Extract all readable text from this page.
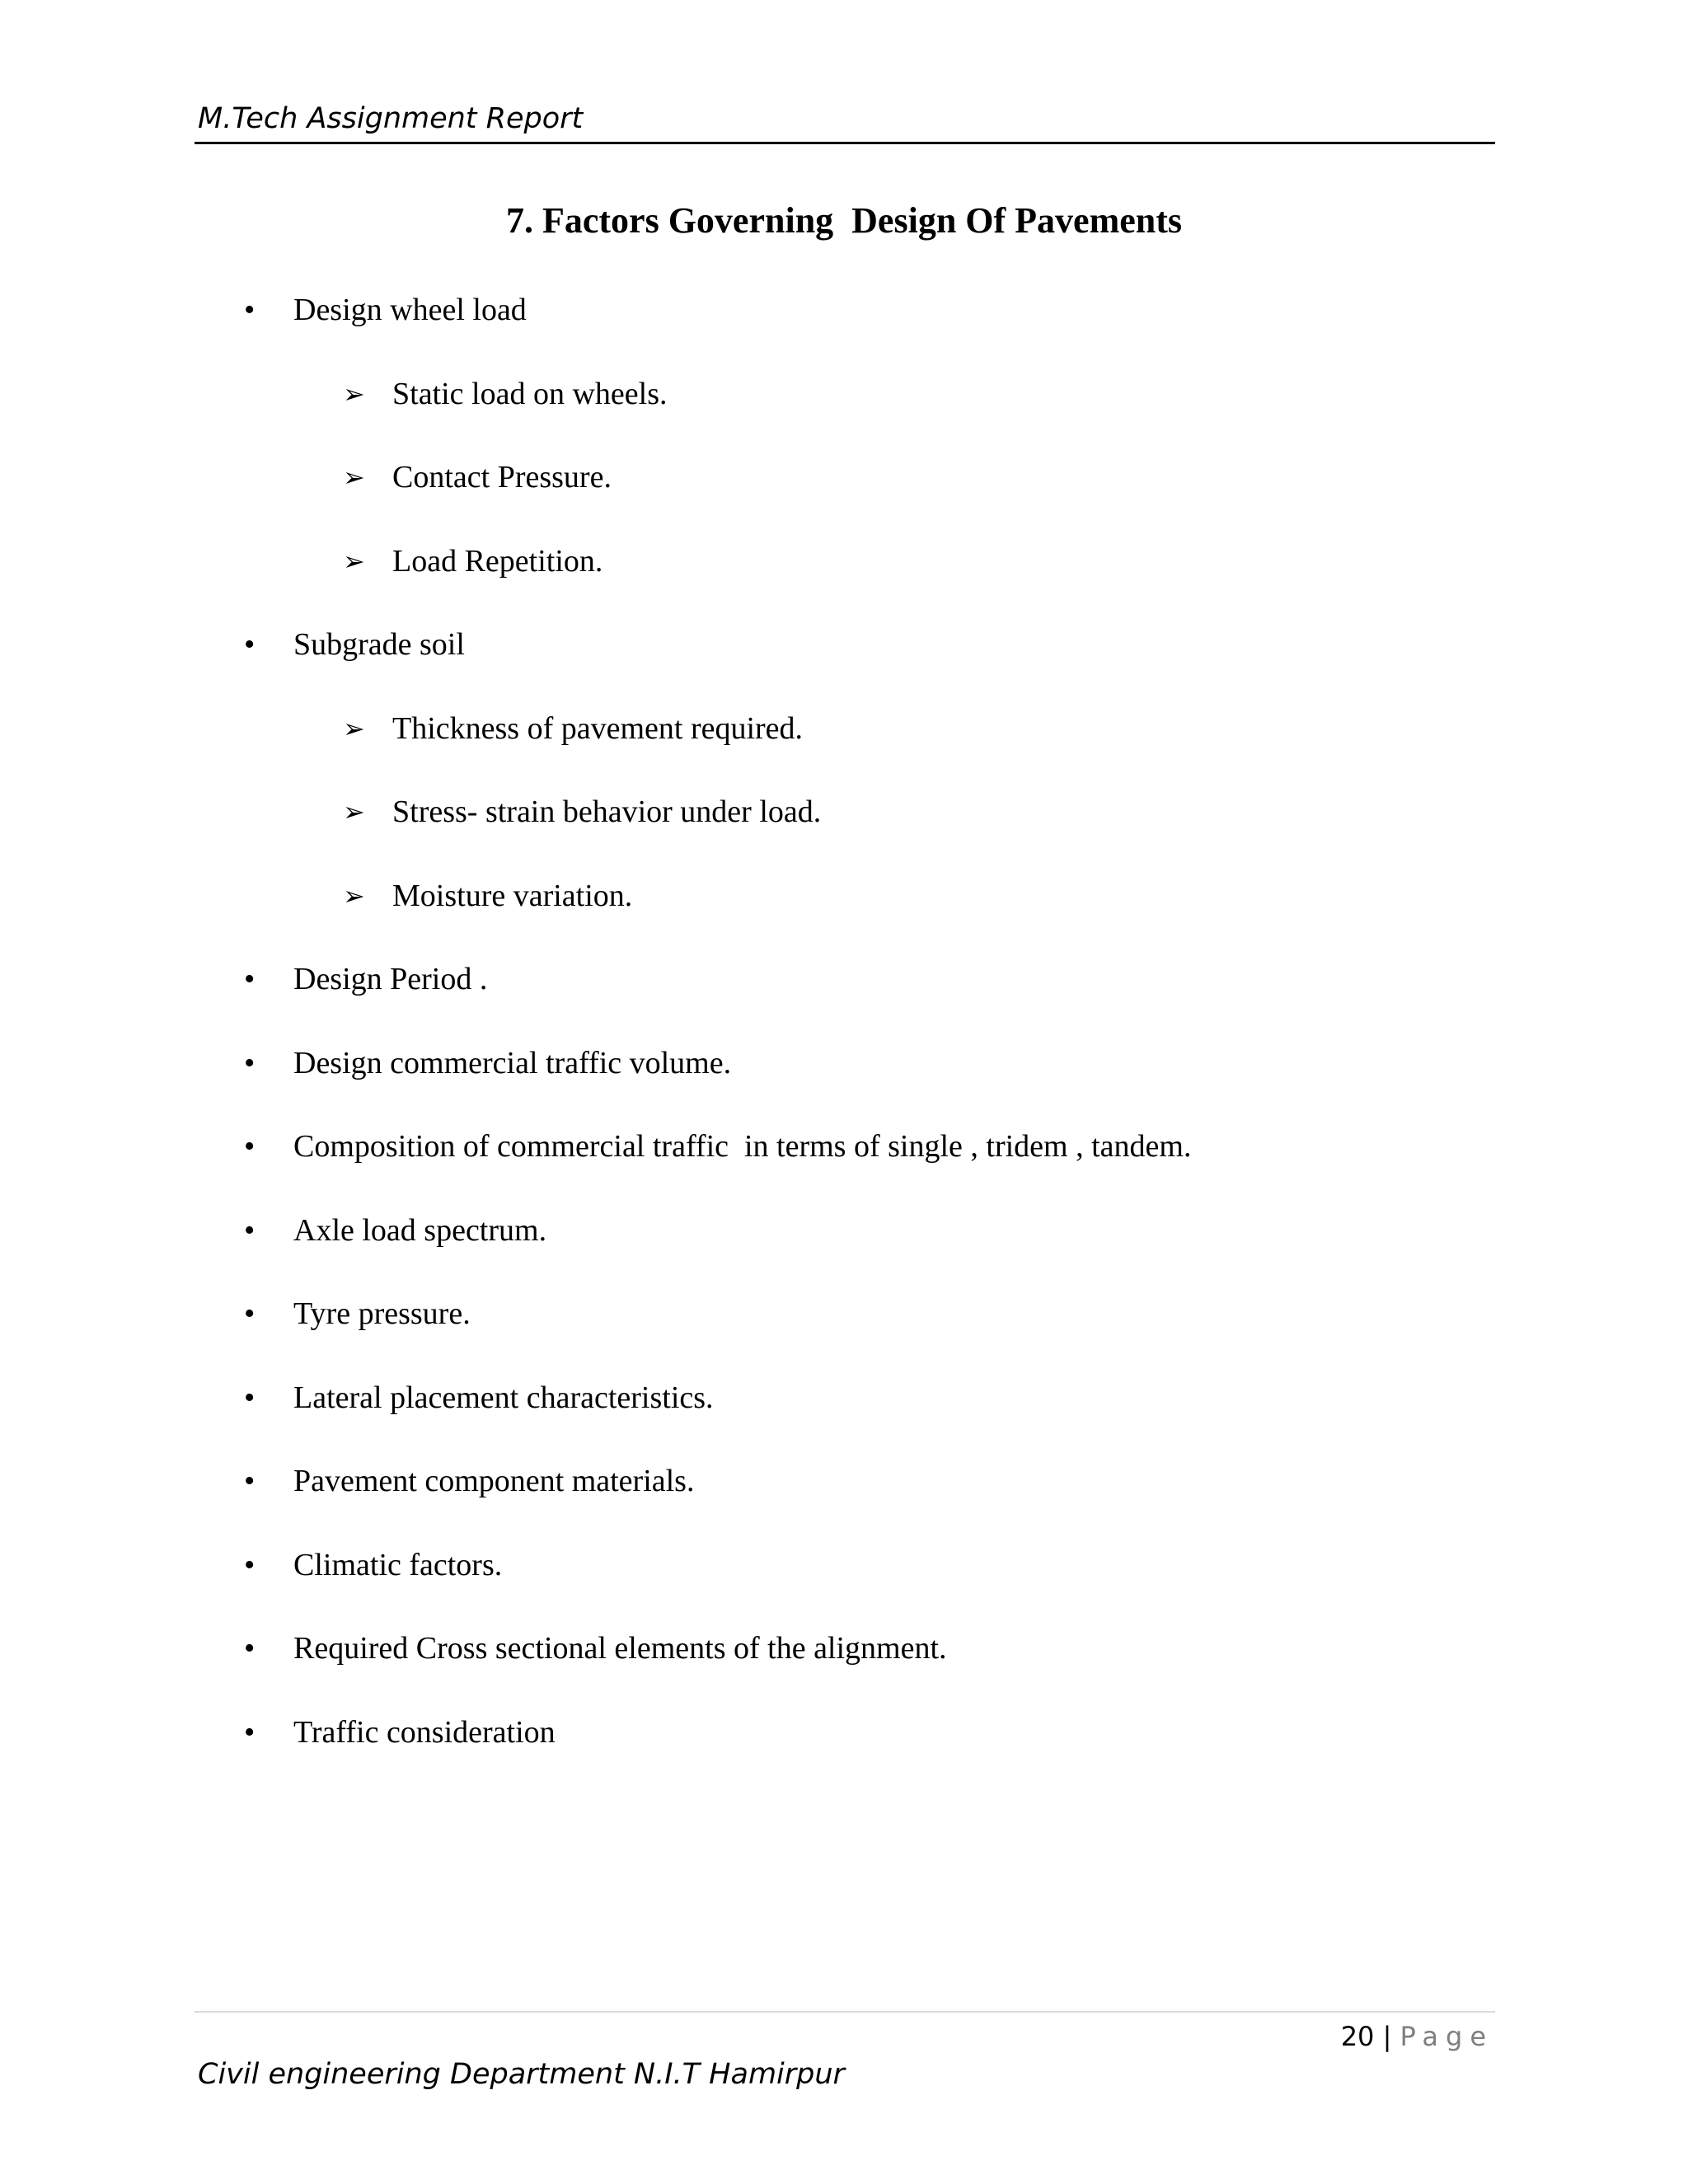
M.Tech Assignment Report
7. Factors Governing  Design Of Pavements
• Design wheel load
➢ Static load on wheels.
➢ Contact Pressure.
➢ Load Repetition.
• Subgrade soil
➢ Thickness of pavement required.
➢ Stress- strain behavior under load.
➢ Moisture variation.
• Design Period .
• Design commercial traffic volume.
• Composition of commercial traffic  in terms of single , tridem , tandem.
• Axle load spectrum.
• Tyre pressure.
• Lateral placement characteristics.
• Pavement component materials.
• Climatic factors.
• Required Cross sectional elements of the alignment.
• Traffic consideration
20 | Page
Civil engineering Department N.I.T Hamirpur
